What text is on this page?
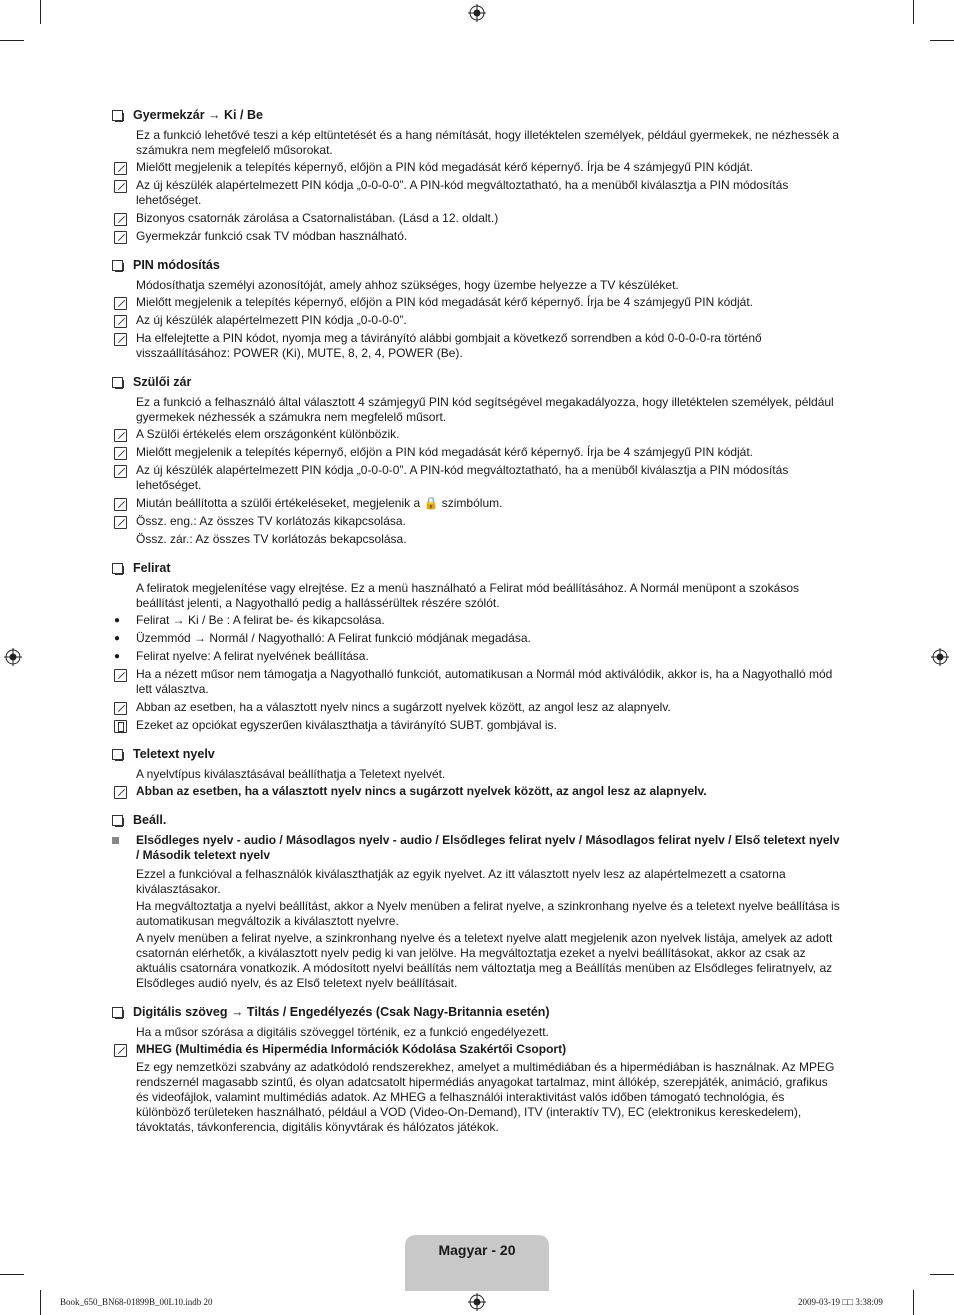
Gyermekzár → Ki / Be
Ez a funkció lehetővé teszi a kép eltüntetését és a hang némítását, hogy illetéktelen személyek, például gyermekek, ne nézhessék a számukra nem megfelelő műsorokat.
Mielőtt megjelenik a telepítés képernyő, előjön a PIN kód megadását kérő képernyő. Írja be 4 számjegyű PIN kódját.
Az új készülék alapértelmezett PIN kódja „0-0-0-0”. A PIN-kód megváltoztatható, ha a menüből kiválasztja a PIN módosítás lehetőséget.
Bizonyos csatornák zárolása a Csatornalistában. (Lásd a 12. oldalt.)
Gyermekzár funkció csak TV módban használható.
PIN módosítás
Módosíthatja személyi azonosítóját, amely ahhoz szükséges, hogy üzembe helyezze a TV készüléket.
Mielőtt megjelenik a telepítés képernyő, előjön a PIN kód megadását kérő képernyő. Írja be 4 számjegyű PIN kódját.
Az új készülék alapértelmezett PIN kódja „0-0-0-0”.
Ha elfelejtette a PIN kódot, nyomja meg a távirányító alábbi gombjait a következő sorrendben a kód 0-0-0-0-ra történő visszaállításához: POWER (Ki), MUTE, 8, 2, 4, POWER (Be).
Szülői zár
Ez a funkció a felhasználó által választott 4 számjegyű PIN kód segítségével megakadályozza, hogy illetéktelen személyek, például gyermekek nézhessék a számukra nem megfelelő műsort.
A Szülői értékelés elem országonként különbözik.
Mielőtt megjelenik a telepítés képernyő, előjön a PIN kód megadását kérő képernyő. Írja be 4 számjegyű PIN kódját.
Az új készülék alapértelmezett PIN kódja „0-0-0-0”. A PIN-kód megváltoztatható, ha a menüből kiválasztja a PIN módosítás lehetőséget.
Miután beállította a szülői értékeléseket, megjelenik a 🔒 szimbólum.
Össz. eng.: Az összes TV korlátozás kikapcsolása.
Össz. zár.: Az összes TV korlátozás bekapcsolása.
Felirat
A feliratok megjelenítése vagy elrejtése. Ez a menü használható a Felirat mód beállításához. A Normál menüpont a szokásos beállítást jelenti, a Nagyothalló pedig a hallássérültek részére szólót.
●	Felirat → Ki / Be : A felirat be- és kikapcsolása.
●	Üzemmód → Normál / Nagyothalló: A Felirat funkció módjának megadása.
●	Felirat nyelve: A felirat nyelvének beállítása.
Ha a nézett műsor nem támogatja a Nagyothalló funkciót, automatikusan a Normál mód aktiválódik, akkor is, ha a Nagyothalló mód lett választva.
Abban az esetben, ha a választott nyelv nincs a sugárzott nyelvek között, az angol lesz az alapnyelv.
Ezeket az opciókat egyszerűen kiválaszthatja a távirányító SUBT. gombjával is.
Teletext nyelv
A nyelvtípus kiválasztásával beállíthatja a Teletext nyelvét.
Abban az esetben, ha a választott nyelv nincs a sugárzott nyelvek között, az angol lesz az alapnyelv.
Beáll.
Elsődleges nyelv - audio / Másodlagos nyelv - audio / Elsődleges felirat nyelv / Másodlagos felirat nyelv / Első teletext nyelv / Második teletext nyelv
Ezzel a funkcióval a felhasználók kiválaszthatják az egyik nyelvet. Az itt választott nyelv lesz az alapértelmezett a csatorna kiválasztásakor.
Ha megváltoztatja a nyelvi beállítást, akkor a Nyelv menüben a felirat nyelve, a szinkronhang nyelve és a teletext nyelve beállítása is automatikusan megváltozik a kiválasztott nyelvre.
A nyelv menüben a felirat nyelve, a szinkronhang nyelve és a teletext nyelve alatt megjelenik azon nyelvek listája, amelyek az adott csatornán elérhetők, a kiválasztott nyelv pedig ki van jelölve. Ha megváltoztatja ezeket a nyelvi beállításokat, akkor az csak az aktuális csatornára vonatkozik. A módosított nyelvi beállítás nem változtatja meg a Beállítás menüben az Elsődleges feliratnyelv, az Elsődleges audió nyelv, és az Első teletext nyelv beállításait.
Digitális szöveg → Tiltás / Engedélyezés (Csak Nagy-Britannia esetén)
Ha a műsor szórása a digitális szöveggel történik, ez a funkció engedélyezett.
MHEG (Multimédia és Hipermédia Információk Kódolása Szakértői Csoport)
Ez egy nemzetközi szabvány az adatkódoló rendszerekhez, amelyet a multimédiában és a hipermédiában is használnak. Az MPEG rendszernél magasabb szintű, és olyan adatcsatolt hipermédiás anyagokat tartalmaz, mint állókép, szerepjáték, animáció, grafikus és videofájlok, valamint multimédiás adatok. Az MHEG a felhasználói interaktivitást valós időben támogató technológia, és különböző területeken használható, például a VOD (Video-On-Demand), ITV (interaktív TV), EC (elektronikus kereskedelem), távoktatás, távkonferencia, digitális könyvtárak és hálózatos játékok.
Magyar - 20
Book_650_BN68-01899B_00L10.indb 20	2009-03-19 □□ 3:38:09
